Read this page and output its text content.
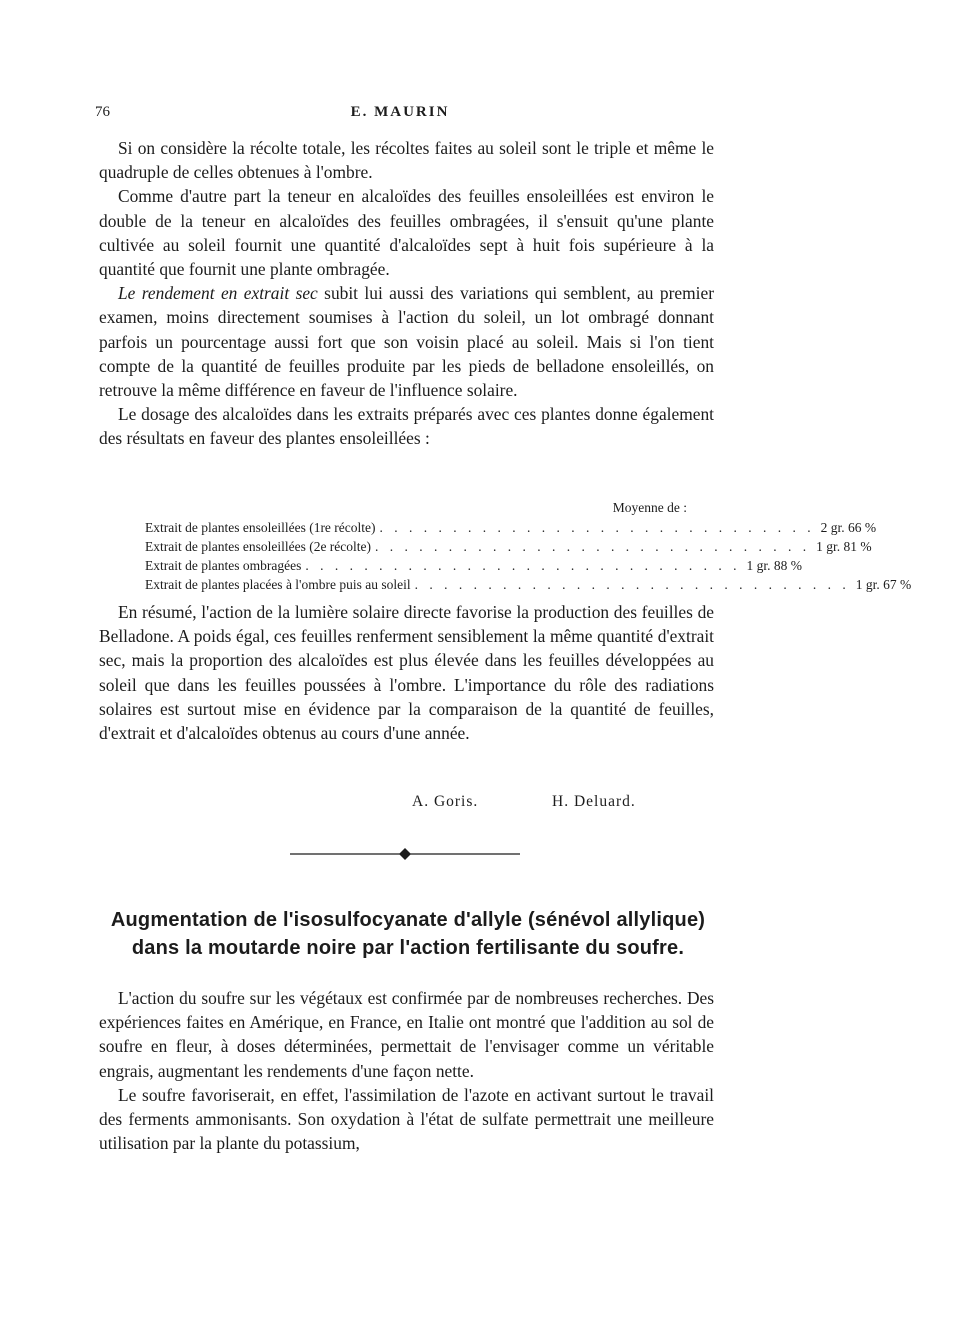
76	E. MAURIN

Si on considère la récolte totale, les récoltes faites au soleil sont le triple et même le quadruple de celles obtenues à l'ombre.

Comme d'autre part la teneur en alcaloïdes des feuilles ensoleillées est environ le double de la teneur en alcaloïdes des feuilles ombragées, il s'ensuit qu'une plante cultivée au soleil fournit une quantité d'alcaloïdes sept à huit fois supérieure à la quantité que fournit une plante ombragée.

Le rendement en extrait sec subit lui aussi des variations qui semblent, au premier examen, moins directement soumises à l'action du soleil, un lot ombragé donnant parfois un pourcentage aussi fort que son voisin placé au soleil. Mais si l'on tient compte de la quantité de feuilles produite par les pieds de belladone ensoleillés, on retrouve la même différence en faveur de l'influence solaire.

Le dosage des alcaloïdes dans les extraits préparés avec ces plantes donne également des résultats en faveur des plantes ensoleillées :

Moyenne de :
Extrait de plantes ensoleillées (1re récolte) . . . . . . . . . . . . . . . . . . . . . . . . . . . . . . 2 gr. 66 %
Extrait de plantes ensoleillées (2e récolte) . . . . . . . . . . . . . . . . . . . . . . . . . . . . . . 1 gr. 81 %
Extrait de plantes ombragées . . . . . . . . . . . . . . . . . . . . . . . . . . . . . . 1 gr. 88 %
Extrait de plantes placées à l'ombre puis au soleil . . . . . . . . . . . . . . . . . . . . . . . . . . . . . . 1 gr. 67 %

En résumé, l'action de la lumière solaire directe favorise la production des feuilles de Belladone. A poids égal, ces feuilles renferment sensiblement la même quantité d'extrait sec, mais la proportion des alcaloïdes est plus élevée dans les feuilles développées au soleil que dans les feuilles poussées à l'ombre. L'importance du rôle des radiations solaires est surtout mise en évidence par la comparaison de la quantité de feuilles, d'extrait et d'alcaloïdes obtenus au cours d'une année.

A. Goris.	H. Deluard.
Augmentation de l'isosulfocyanate d'allyle (sénévol allylique) dans la moutarde noire par l'action fertilisante du soufre.

L'action du soufre sur les végétaux est confirmée par de nombreuses recherches. Des expériences faites en Amérique, en France, en Italie ont montré que l'addition au sol de soufre en fleur, à doses déterminées, permettait de l'envisager comme un véritable engrais, augmentant les rendements d'une façon nette.

Le soufre favoriserait, en effet, l'assimilation de l'azote en activant surtout le travail des ferments ammonisants. Son oxydation à l'état de sulfate permettrait une meilleure utilisation par la plante du potassium,
